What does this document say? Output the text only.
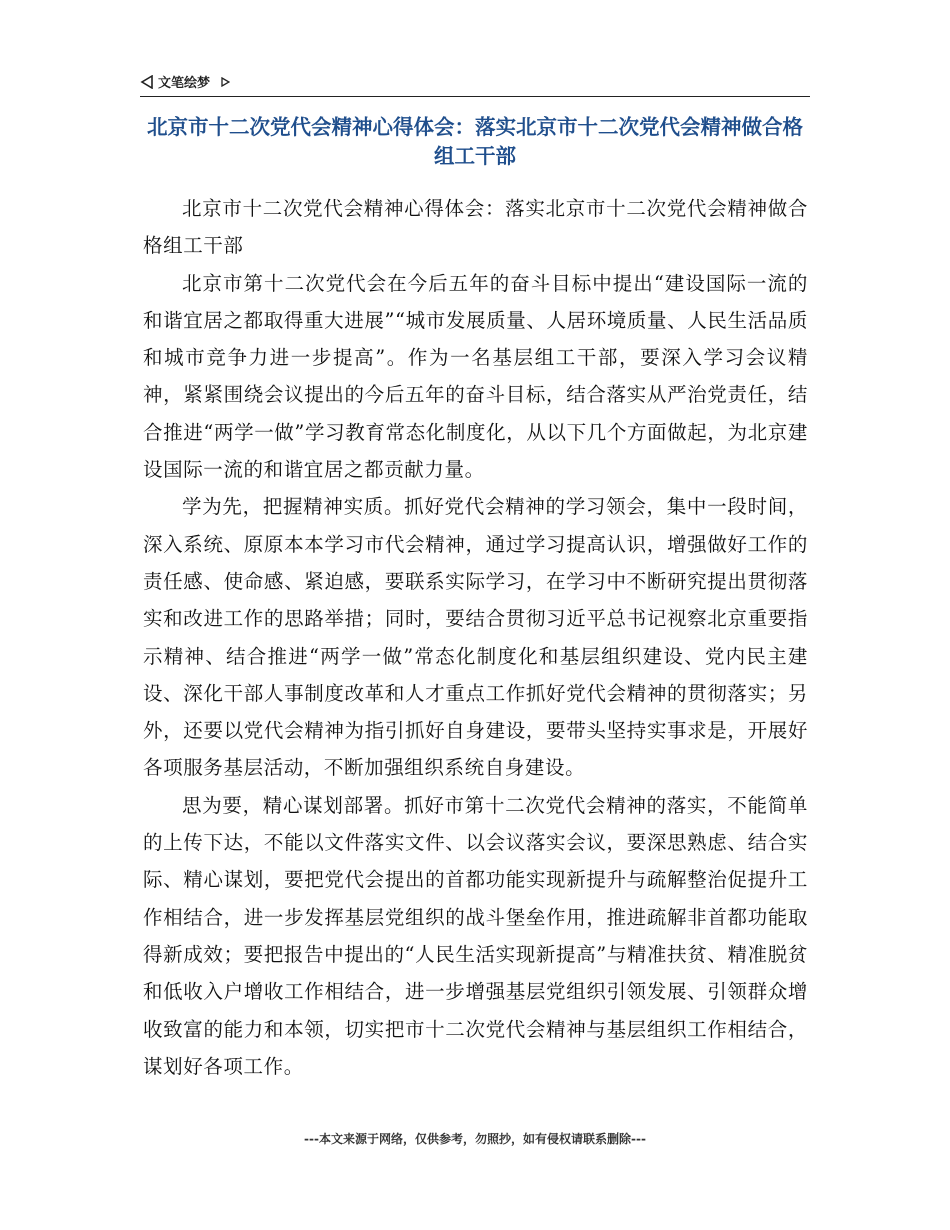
文笔绘梦
北京市十二次党代会精神心得体会：落实北京市十二次党代会精神做合格组工干部

北京市十二次党代会精神心得体会：落实北京市十二次党代会精神做合格组工干部

北京市第十二次党代会在今后五年的奋斗目标中提出“建设国际一流的和谐宜居之都取得重大进展”“城市发展质量、人居环境质量、人民生活品质和城市竞争力进一步提高”。作为一名基层组工干部，要深入学习会议精神，紧紧围绕会议提出的今后五年的奋斗目标，结合落实从严治党责任，结合推进“两学一做”学习教育常态化制度化，从以下几个方面做起，为北京建设国际一流的和谐宜居之都贡献力量。

学为先，把握精神实质。抓好党代会精神的学习领会，集中一段时间，深入系统、原原本本学习市代会精神，通过学习提高认识，增强做好工作的责任感、使命感、紧迫感，要联系实际学习，在学习中不断研究提出贯彻落实和改进工作的思路举措；同时，要结合贯彻习近平总书记视察北京重要指示精神、结合推进“两学一做”常态化制度化和基层组织建设、党内民主建设、深化干部人事制度改革和人才重点工作抓好党代会精神的贯彻落实；另外，还要以党代会精神为指引抓好自身建设，要带头坚持实事求是，开展好各项服务基层活动，不断加强组织系统自身建设。

思为要，精心谋划部署。抓好市第十二次党代会精神的落实，不能简单的上传下达，不能以文件落实文件、以会议落实会议，要深思熟虑、结合实际、精心谋划，要把党代会提出的首都功能实现新提升与疏解整治促提升工作相结合，进一步发挥基层党组织的战斗堡垒作用，推进疏解非首都功能取得新成效；要把报告中提出的“人民生活实现新提高”与精准扶贫、精准脱贫和低收入户增收工作相结合，进一步增强基层党组织引领发展、引领群众增收致富的能力和本领，切实把市十二次党代会精神与基层组织工作相结合，谋划好各项工作。

---本文来源于网络，仅供参考，勿照抄，如有侵权请联系删除---
